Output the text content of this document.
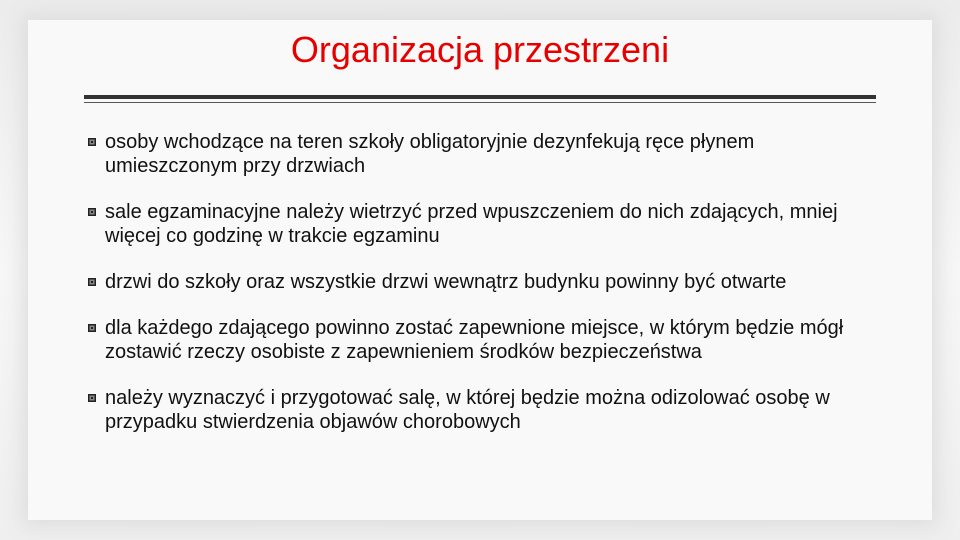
Organizacja przestrzeni
osoby wchodzące na teren szkoły obligatoryjnie dezynfekują ręce płynem umieszczonym przy drzwiach
sale egzaminacyjne należy wietrzyć przed wpuszczeniem do nich zdających, mniej więcej co godzinę w trakcie egzaminu
drzwi do szkoły oraz wszystkie drzwi wewnątrz budynku powinny być otwarte
dla każdego zdającego powinno zostać zapewnione miejsce, w którym będzie mógł zostawić rzeczy osobiste z zapewnieniem środków bezpieczeństwa
należy wyznaczyć i przygotować salę, w której będzie można odizolować osobę w przypadku stwierdzenia objawów chorobowych
